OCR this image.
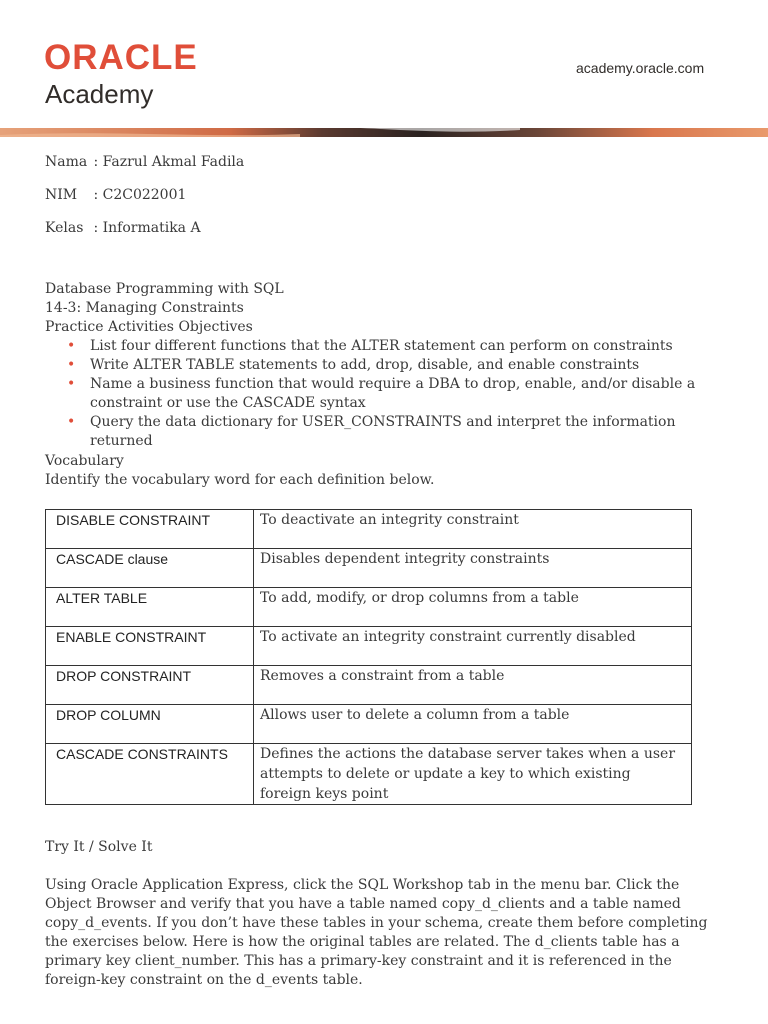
ORACLE
Academy
academy.oracle.com
Nama : Fazrul Akmal Fadila
NIM : C2C022001
Kelas : Informatika A

Database Programming with SQL

14-3: Managing Constraints

Practice Activities Objectives

• List four different functions that the ALTER statement can perform on constraints
• Write ALTER TABLE statements to add, drop, disable, and enable constraints
• Name a business function that would require a DBA to drop, enable, and/or disable a constraint or use the CASCADE syntax
• Query the data dictionary for USER_CONSTRAINTS and interpret the information returned

Vocabulary

Identify the vocabulary word for each definition below.

DISABLE CONSTRAINT	To deactivate an integrity constraint
CASCADE clause	Disables dependent integrity constraints
ALTER TABLE	To add, modify, or drop columns from a table
ENABLE CONSTRAINT	To activate an integrity constraint currently disabled
DROP CONSTRAINT	Removes a constraint from a table
DROP COLUMN	Allows user to delete a column from a table
CASCADE CONSTRAINTS	Defines the actions the database server takes when a user attempts to delete or update a key to which existing foreign keys point
Try It / Solve It

Using Oracle Application Express, click the SQL Workshop tab in the menu bar. Click the Object Browser and verify that you have a table named copy_d_clients and a table named copy_d_events. If you don’t have these tables in your schema, create them before completing the exercises below. Here is how the original tables are related. The d_clients table has a primary key client_number. This has a primary-key constraint and it is referenced in the foreign-key constraint on the d_events table.
